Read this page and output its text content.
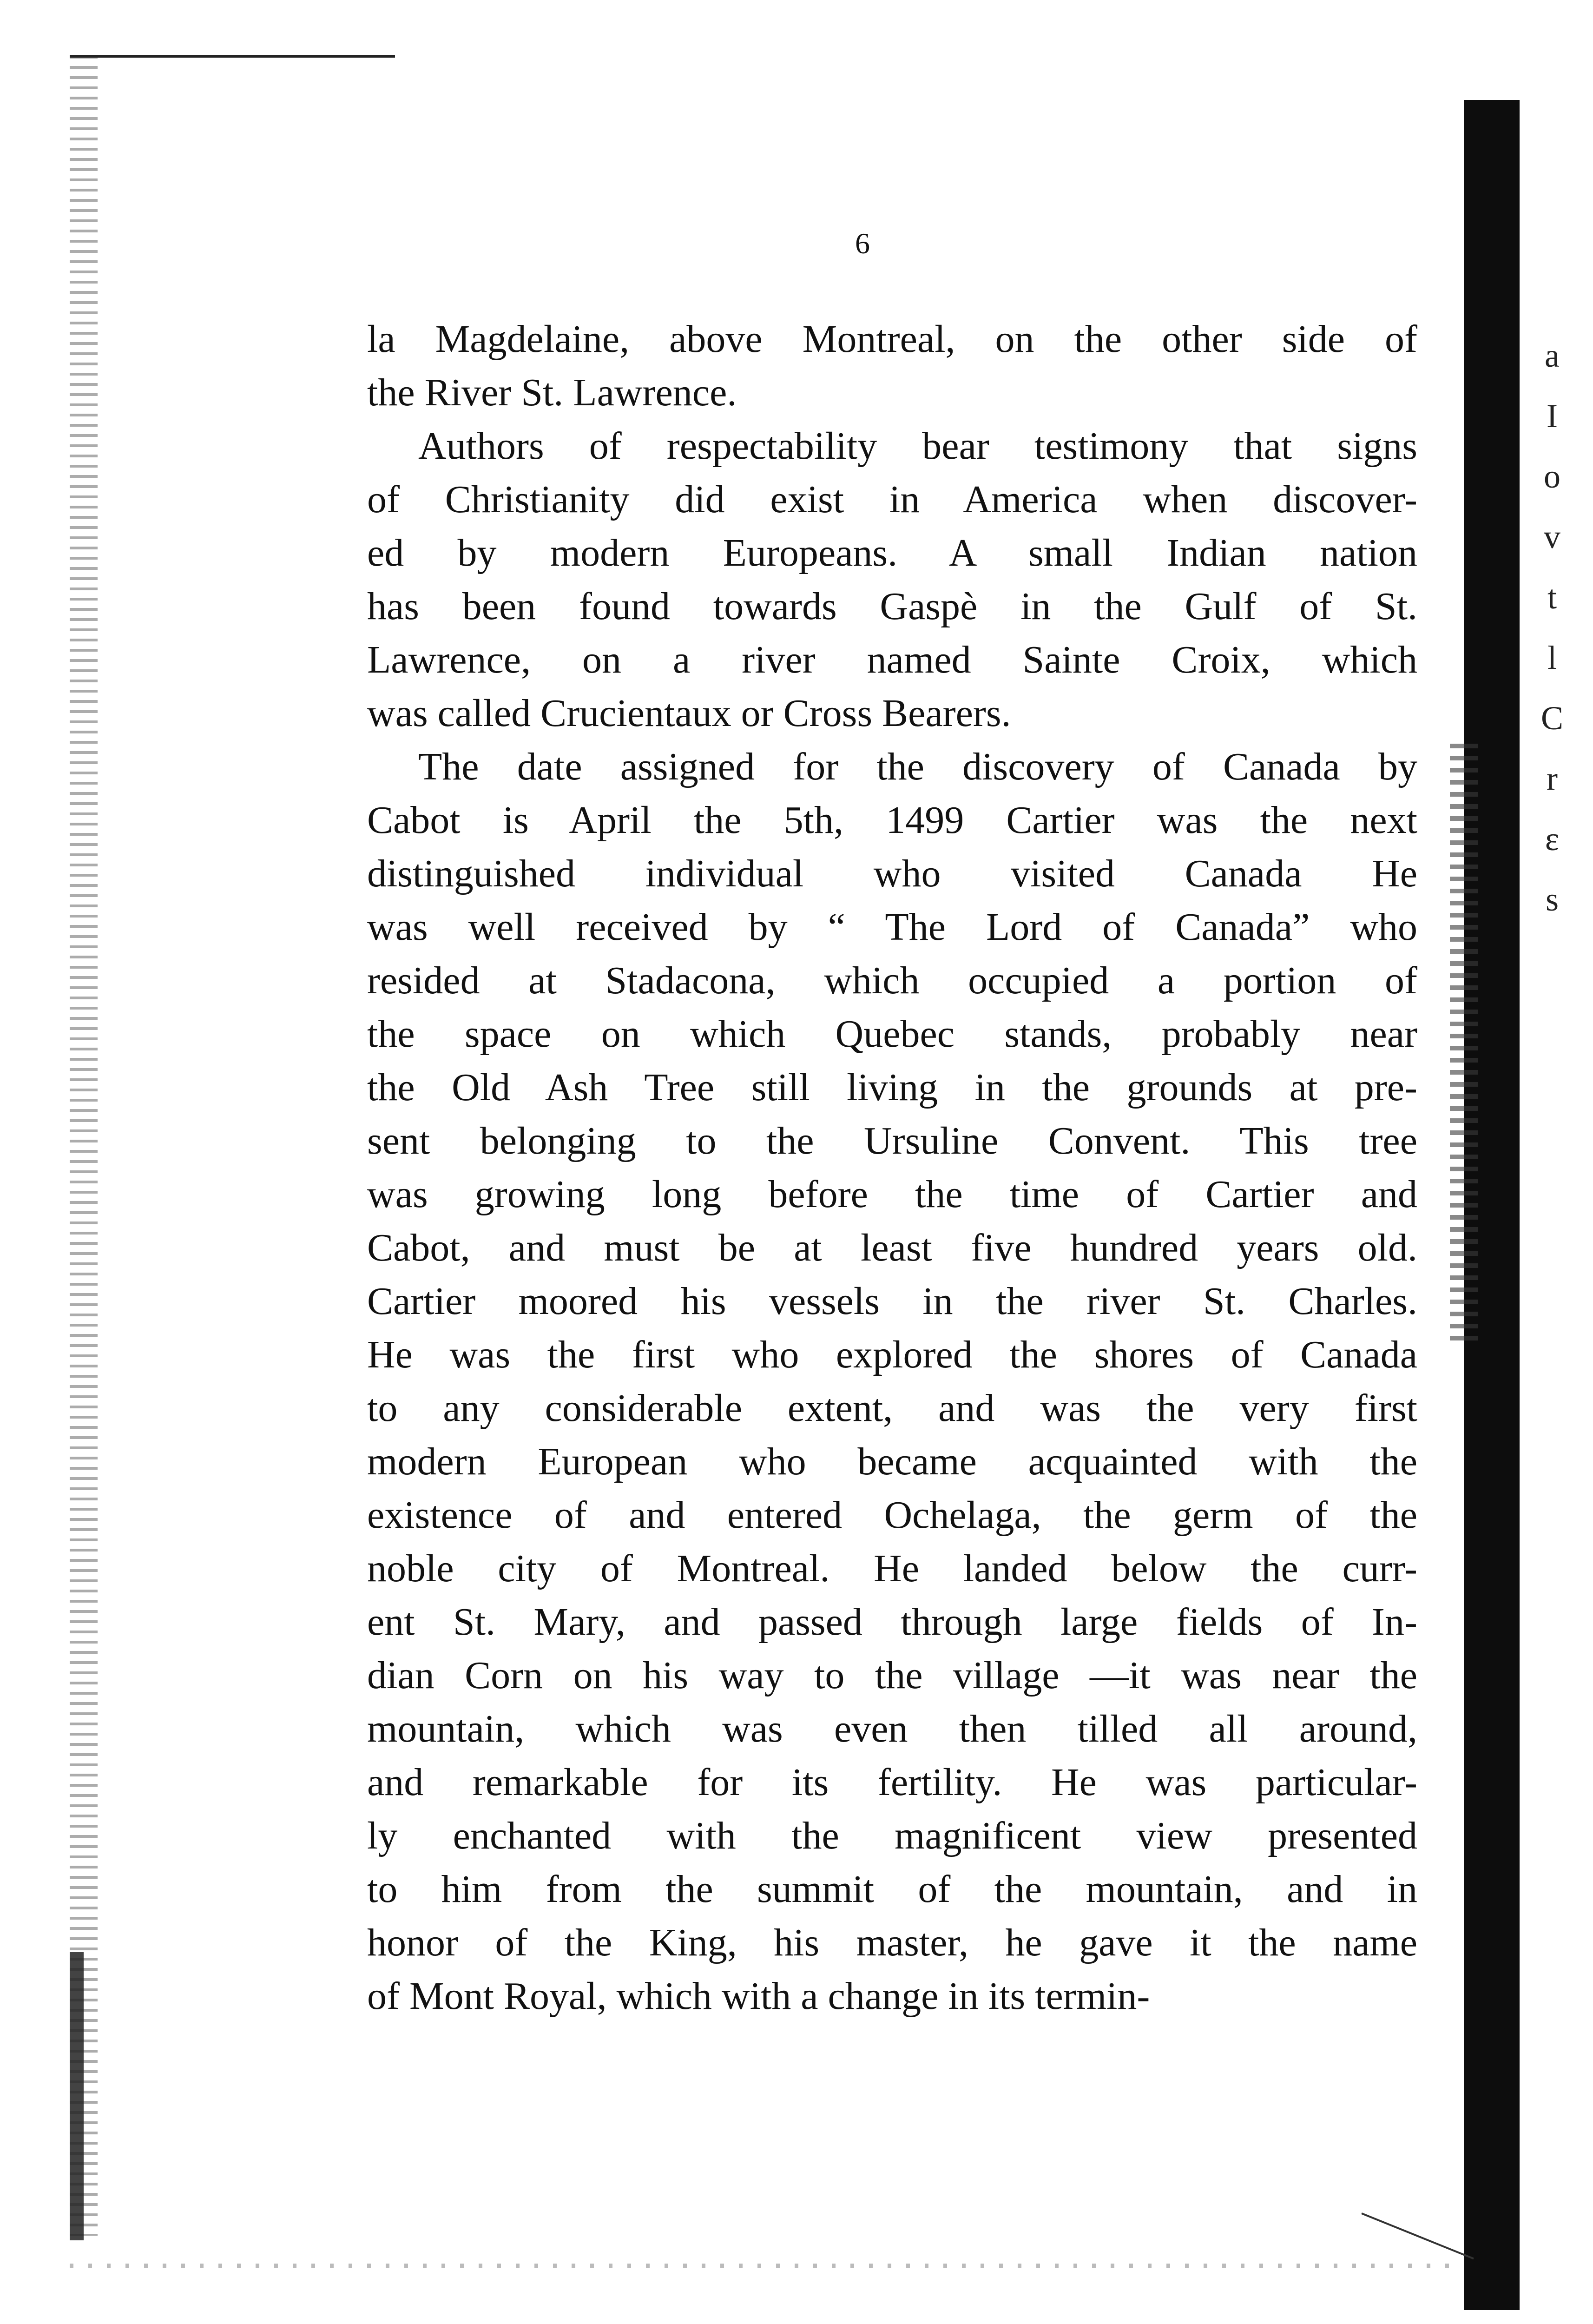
6
la Magdelaine, above Montreal, on the other side of
the River St. Lawrence.
Authors of respectability bear testimony that signs
of Christianity did exist in America when discover-
ed by modern Europeans. A small Indian nation
has been found towards Gaspè in the Gulf of St.
Lawrence, on a river named Sainte Croix, which
was called Crucientaux or Cross Bearers.
The date assigned for the discovery of Canada by
Cabot is April the 5th, 1499 Cartier was the next
distinguished individual who visited Canada He
was well received by “ The Lord of Canada” who
resided at Stadacona, which occupied a portion of
the space on which Quebec stands, probably near
the Old Ash Tree still living in the grounds at pre-
sent belonging to the Ursuline Convent. This tree
was growing long before the time of Cartier and
Cabot, and must be at least five hundred years old.
Cartier moored his vessels in the river St. Charles.
He was the first who explored the shores of Canada
to any considerable extent, and was the very first
modern European who became acquainted with the
existence of and entered Ochelaga, the germ of the
noble city of Montreal. He landed below the curr-
ent St. Mary, and passed through large fields of In-
dian Corn on his way to the village —it was near the
mountain, which was even then tilled all around,
and remarkable for its fertility. He was particular-
ly enchanted with the magnificent view presented
to him from the summit of the mountain, and in
honor of the King, his master, he gave it the name
of Mont Royal, which with a change in its termin-
a
I
o
v
t
l
C
r
ε
s
